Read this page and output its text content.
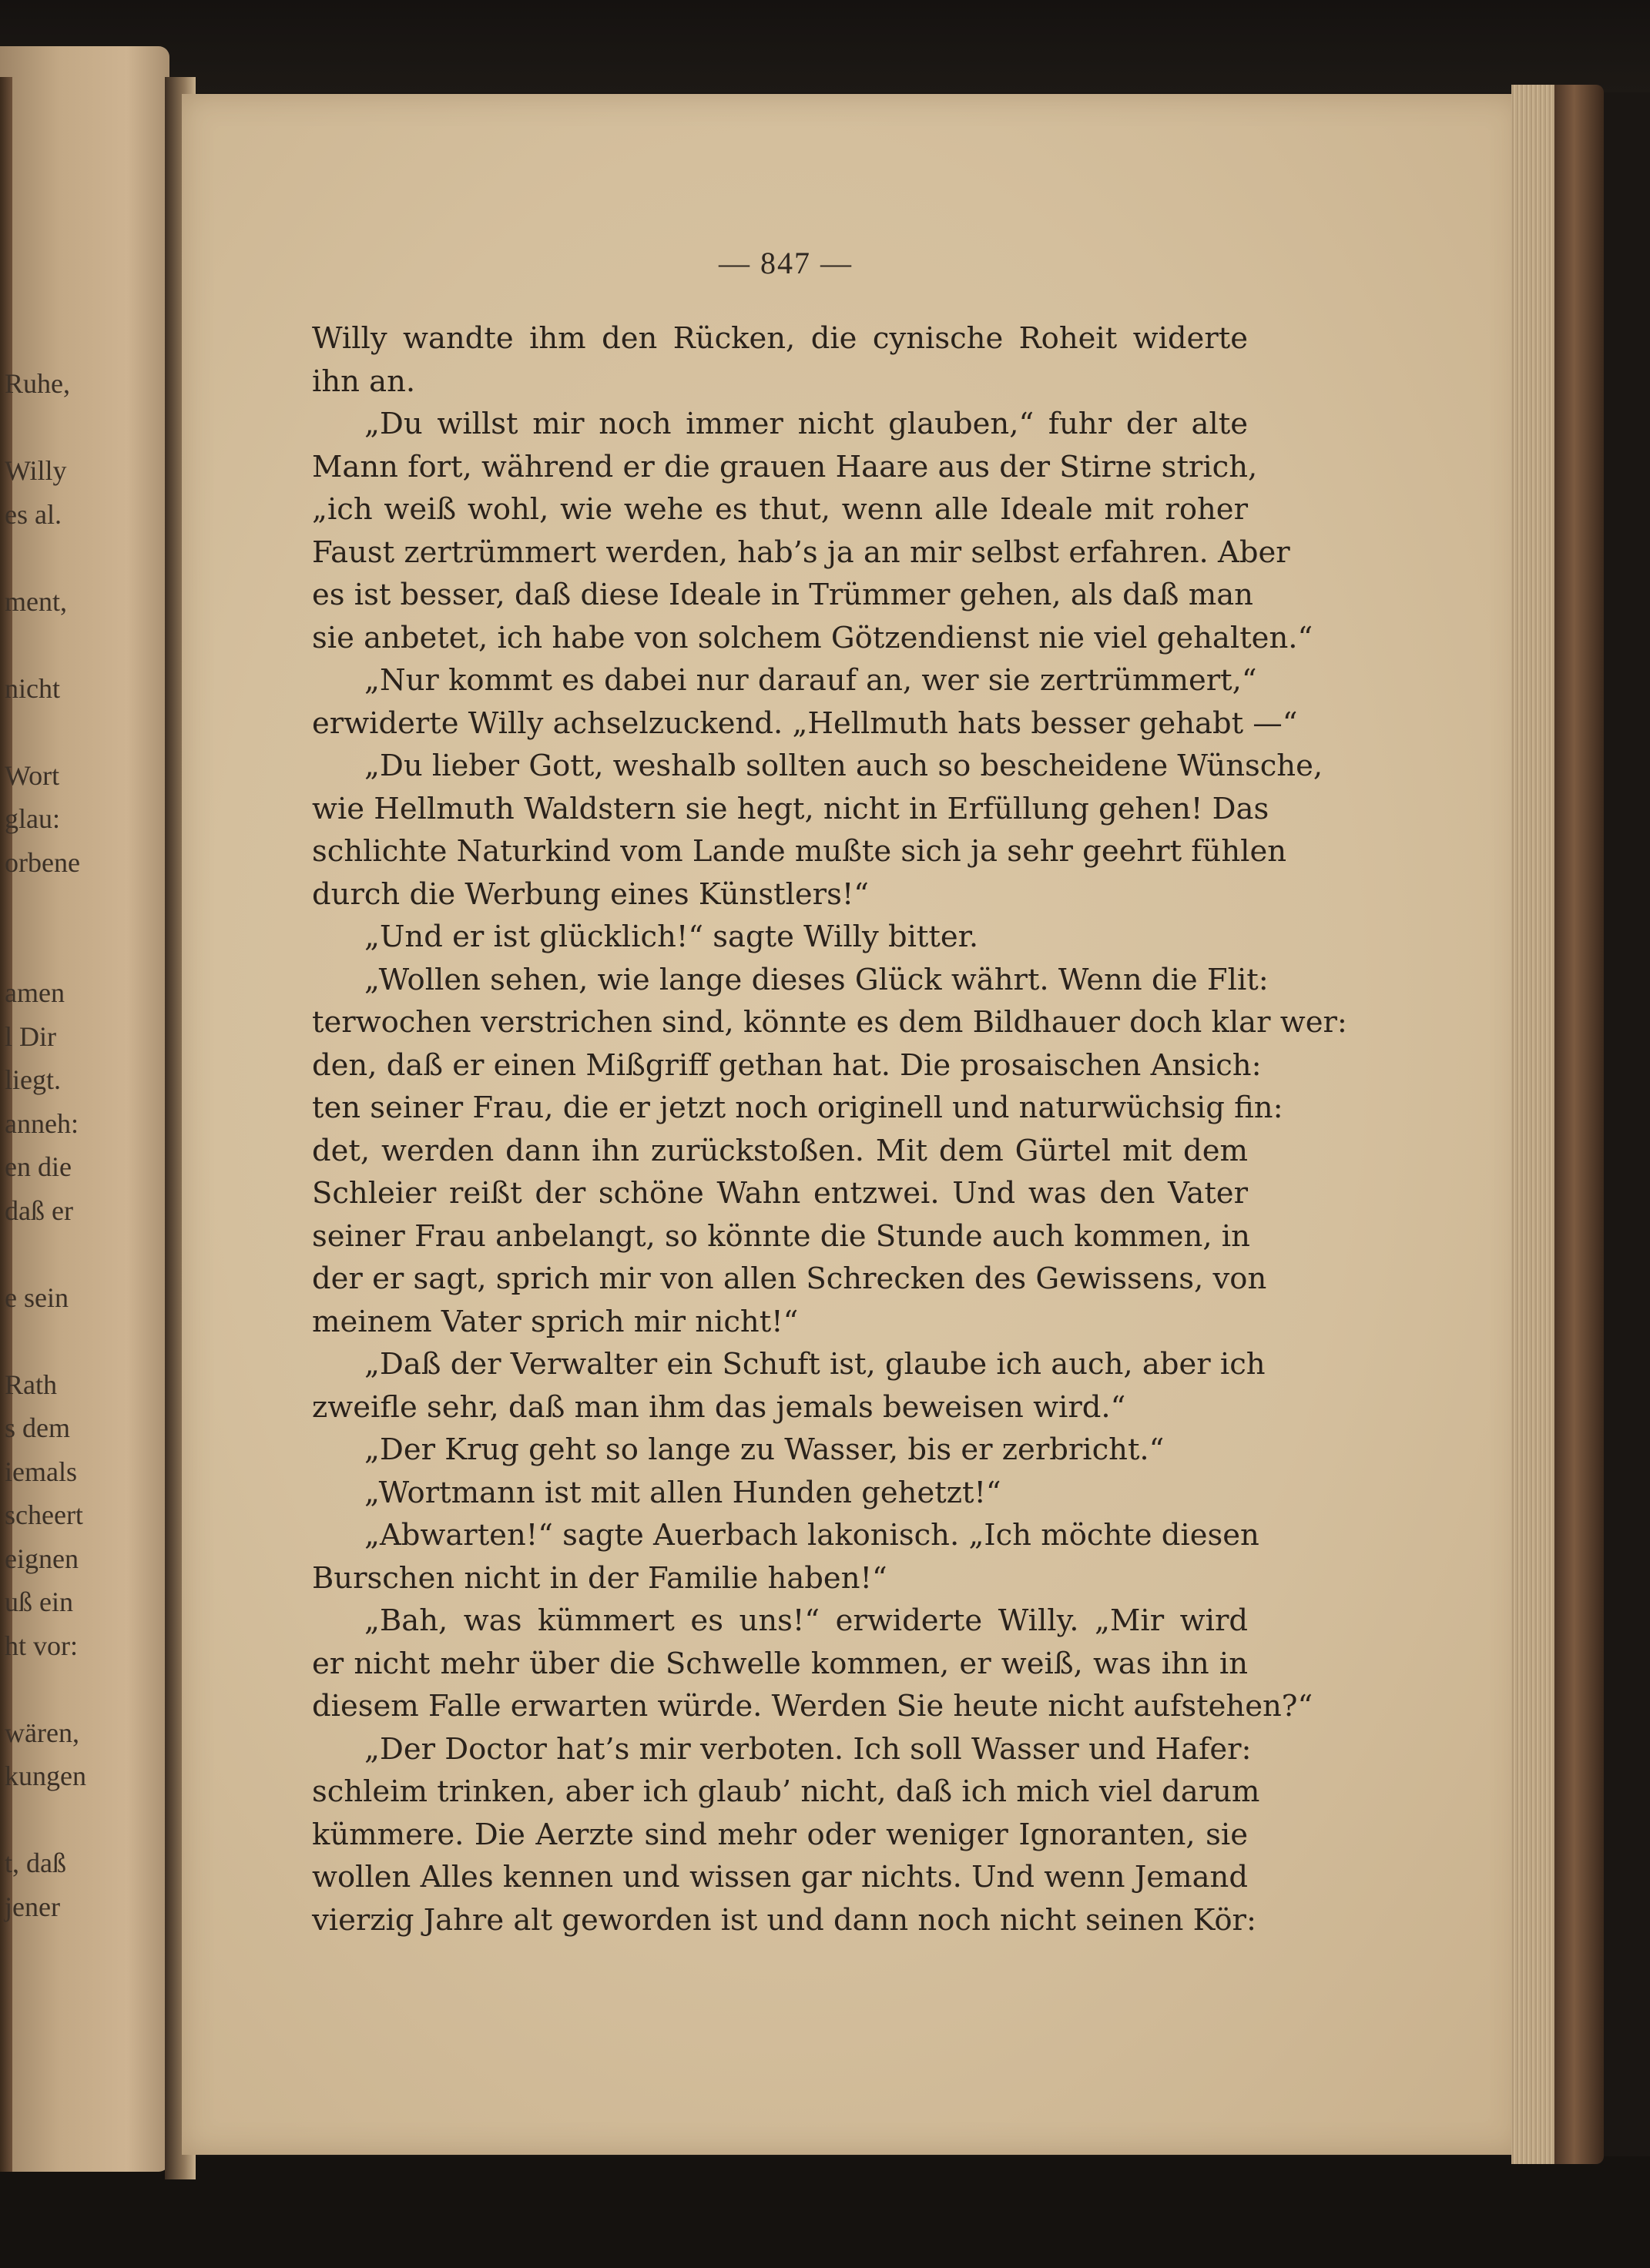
Ruhe,
Willy
es al.
ment,
nicht
Wort
glau:
orbene
amen
l Dir
liegt.
anneh:
en die
daß er
e sein
Rath
s dem
iemals
scheert
eignen
uß ein
ht vor:
wären,
kungen
t, daß
jener
— 847 —
Willy wandte ihm den Rücken, die cynische Roheit widerte
ihn an.
„Du willst mir noch immer nicht glauben,“ fuhr der alte
Mann fort, während er die grauen Haare aus der Stirne strich,
„ich weiß wohl, wie wehe es thut, wenn alle Ideale mit roher
Faust zertrümmert werden, hab’s ja an mir selbst erfahren. Aber
es ist besser, daß diese Ideale in Trümmer gehen, als daß man
sie anbetet, ich habe von solchem Götzendienst nie viel gehalten.“
„Nur kommt es dabei nur darauf an, wer sie zertrümmert,“
erwiderte Willy achselzuckend. „Hellmuth hats besser gehabt —“
„Du lieber Gott, weshalb sollten auch so bescheidene Wünsche,
wie Hellmuth Waldstern sie hegt, nicht in Erfüllung gehen! Das
schlichte Naturkind vom Lande mußte sich ja sehr geehrt fühlen
durch die Werbung eines Künstlers!“
„Und er ist glücklich!“ sagte Willy bitter.
„Wollen sehen, wie lange dieses Glück währt. Wenn die Flit:
terwochen verstrichen sind, könnte es dem Bildhauer doch klar wer:
den, daß er einen Mißgriff gethan hat. Die prosaischen Ansich:
ten seiner Frau, die er jetzt noch originell und naturwüchsig fin:
det, werden dann ihn zurückstoßen. Mit dem Gürtel mit dem
Schleier reißt der schöne Wahn entzwei. Und was den Vater
seiner Frau anbelangt, so könnte die Stunde auch kommen, in
der er sagt, sprich mir von allen Schrecken des Gewissens, von
meinem Vater sprich mir nicht!“
„Daß der Verwalter ein Schuft ist, glaube ich auch, aber ich
zweifle sehr, daß man ihm das jemals beweisen wird.“
„Der Krug geht so lange zu Wasser, bis er zerbricht.“
„Wortmann ist mit allen Hunden gehetzt!“
„Abwarten!“ sagte Auerbach lakonisch. „Ich möchte diesen
Burschen nicht in der Familie haben!“
„Bah, was kümmert es uns!“ erwiderte Willy. „Mir wird
er nicht mehr über die Schwelle kommen, er weiß, was ihn in
diesem Falle erwarten würde. Werden Sie heute nicht aufstehen?“
„Der Doctor hat’s mir verboten. Ich soll Wasser und Hafer:
schleim trinken, aber ich glaub’ nicht, daß ich mich viel darum
kümmere. Die Aerzte sind mehr oder weniger Ignoranten, sie
wollen Alles kennen und wissen gar nichts. Und wenn Jemand
vierzig Jahre alt geworden ist und dann noch nicht seinen Kör:
